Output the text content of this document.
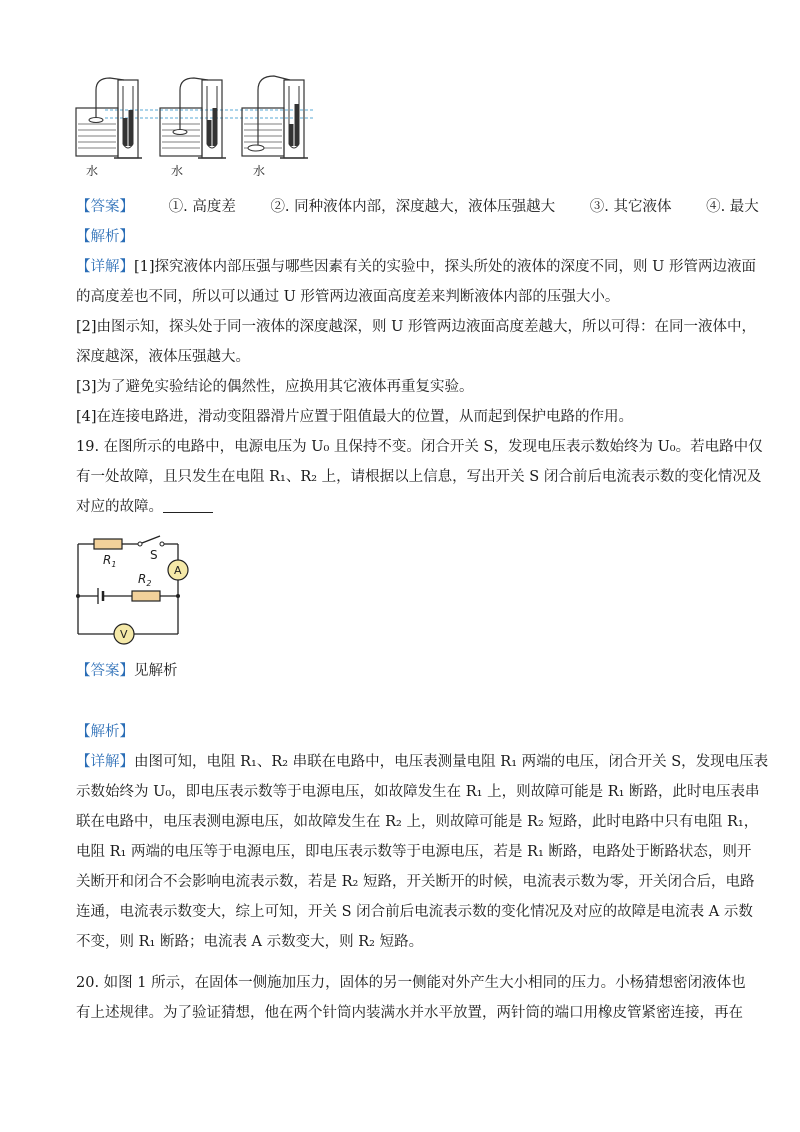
水	水	水
【答案】 ①. 高度差 ②. 同种液体内部，深度越大，液体压强越大 ③. 其它液体 ④. 最大
【解析】
【详解】[1]探究液体内部压强与哪些因素有关的实验中，探头所处的液体的深度不同，则 U 形管两边液面
的高度差也不同，所以可以通过 U 形管两边液面高度差来判断液体内部的压强大小。
[2]由图示知，探头处于同一液体的深度越深，则 U 形管两边液面高度差越大，所以可得：在同一液体中，
深度越深，液体压强越大。
[3]为了避免实验结论的偶然性，应换用其它液体再重复实验。
[4]在连接电路进，滑动变阻器滑片应置于阻值最大的位置，从而起到保护电路的作用。
19. 在图所示的电路中，电源电压为 U₀ 且保持不变。闭合开关 S，发现电压表示数始终为 U₀。若电路中仅
有一处故障，且只发生在电阻 R₁、R₂ 上，请根据以上信息，写出开关 S 闭合前后电流表示数的变化情况及
对应的故障。
$R_1$
S
$R_2$
A
V
【答案】见解析
【解析】
【详解】由图可知，电阻 R₁、R₂ 串联在电路中，电压表测量电阻 R₁ 两端的电压，闭合开关 S，发现电压表
示数始终为 U₀，即电压表示数等于电源电压，如故障发生在 R₁ 上，则故障可能是 R₁ 断路，此时电压表串
联在电路中，电压表测电源电压，如故障发生在 R₂ 上，则故障可能是 R₂ 短路，此时电路中只有电阻 R₁，
电阻 R₁ 两端的电压等于电源电压，即电压表示数等于电源电压，若是 R₁ 断路，电路处于断路状态，则开
关断开和闭合不会影响电流表示数，若是 R₂ 短路，开关断开的时候，电流表示数为零，开关闭合后，电路
连通，电流表示数变大，综上可知，开关 S 闭合前后电流表示数的变化情况及对应的故障是电流表 A 示数
不变，则 R₁ 断路；电流表 A 示数变大，则 R₂ 短路。
20. 如图 1 所示，在固体一侧施加压力，固体的另一侧能对外产生大小相同的压力。小杨猜想密闭液体也
有上述规律。为了验证猜想，他在两个针筒内装满水并水平放置，两针筒的端口用橡皮管紧密连接，再在
